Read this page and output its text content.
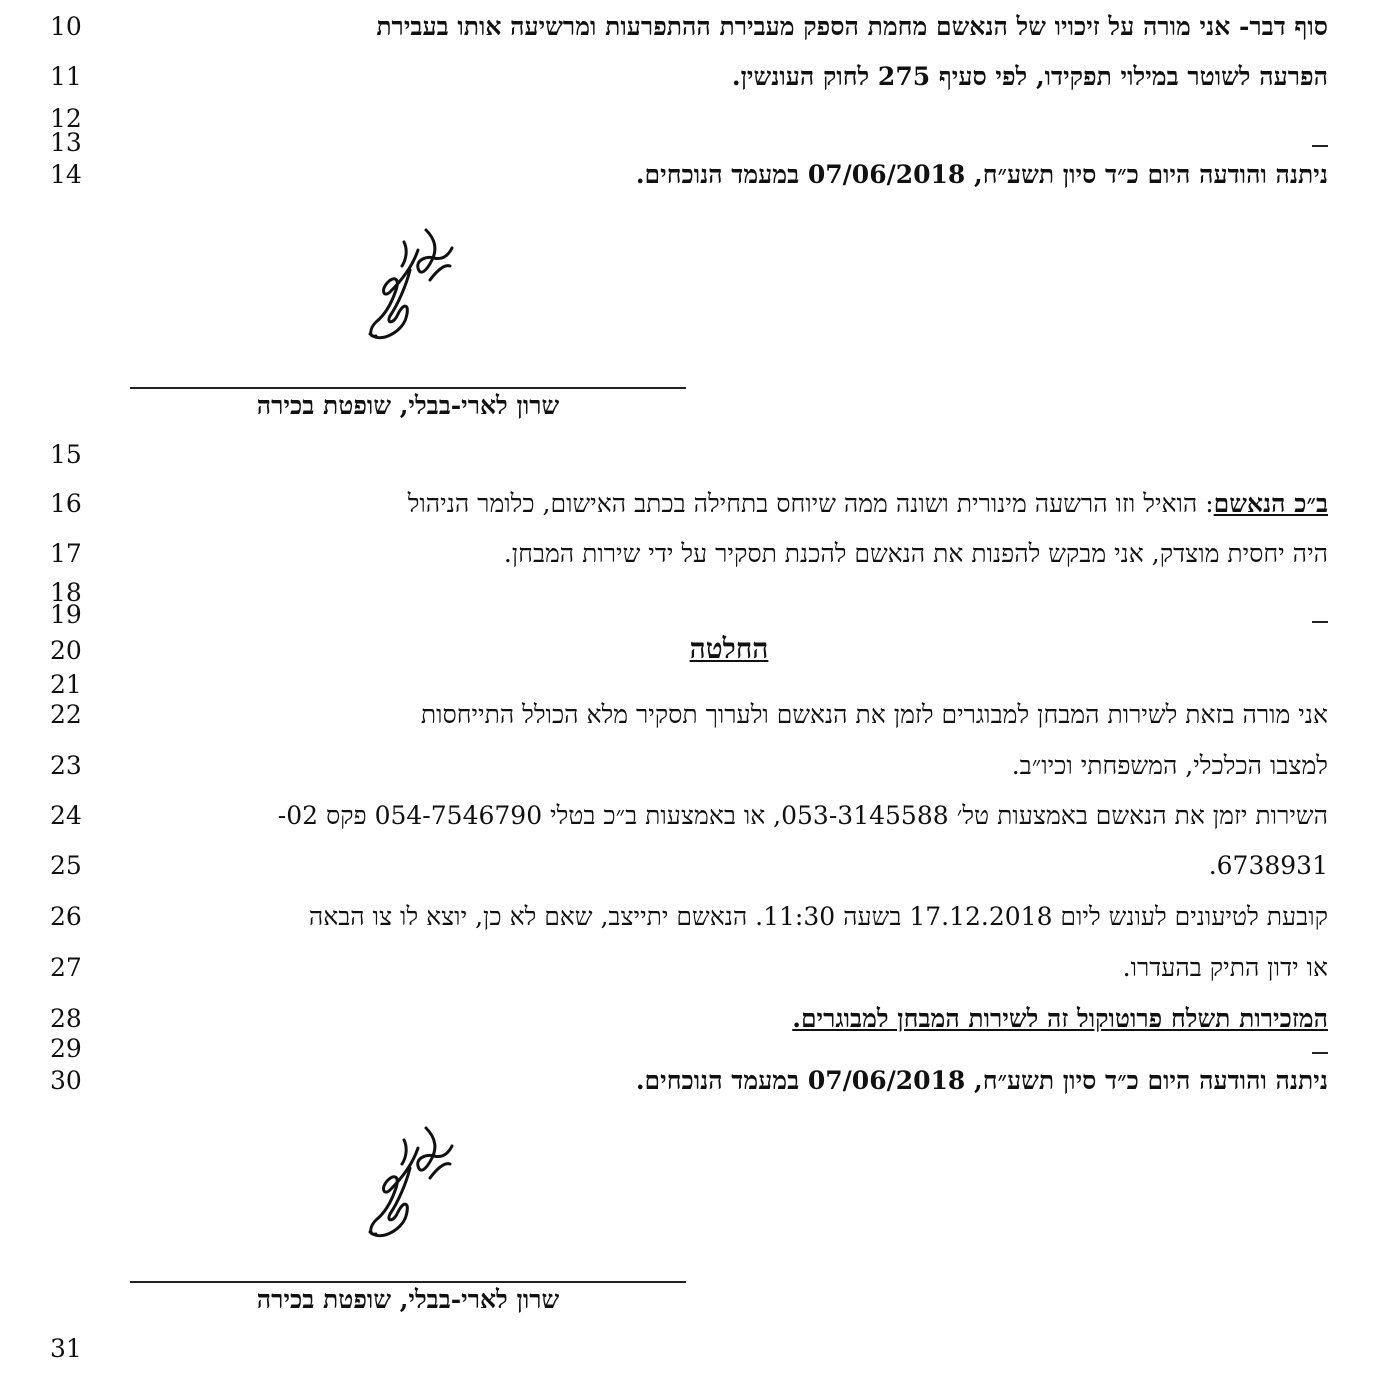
10
11
12
13
14
15
16
17
18
19
20
21
22
23
24
25
26
27
28
29
30
31
סוף דבר- אני מורה על זיכויו של הנאשם מחמת הספק מעבירת ההתפרעות ומרשיעה אותו בעבירת
הפרעה לשוטר במילוי תפקידו, לפי סעיף 275 לחוק העונשין.
ניתנה והודעה היום כ״ד סיון תשע״ח, 07/06/2018 במעמד הנוכחים.
שרון לארי-בבלי, שופטת בכירה
ב״כ הנאשם: הואיל וזו הרשעה מינורית ושונה ממה שיוחס בתחילה בכתב האישום, כלומר הניהול
היה יחסית מוצדק, אני מבקש להפנות את הנאשם להכנת תסקיר על ידי שירות המבחן.
החלטה
אני מורה בזאת לשירות המבחן למבוגרים לזמן את הנאשם ולערוך תסקיר מלא הכולל התייחסות
למצבו הכלכלי, המשפחתי וכיו״ב.
השירות יזמן את הנאשם באמצעות טל׳ 053-3145588, או באמצעות ב״כ בטלי 054-7546790 פקס 02-
6738931.
קובעת לטיעונים לעונש ליום 17.12.2018 בשעה 11:30. הנאשם יתייצב, שאם לא כן, יוצא לו צו הבאה
או ידון התיק בהעדרו.
המזכירות תשלח פרוטוקול זה לשירות המבחן למבוגרים.
ניתנה והודעה היום כ״ד סיון תשע״ח, 07/06/2018 במעמד הנוכחים.
שרון לארי-בבלי, שופטת בכירה
